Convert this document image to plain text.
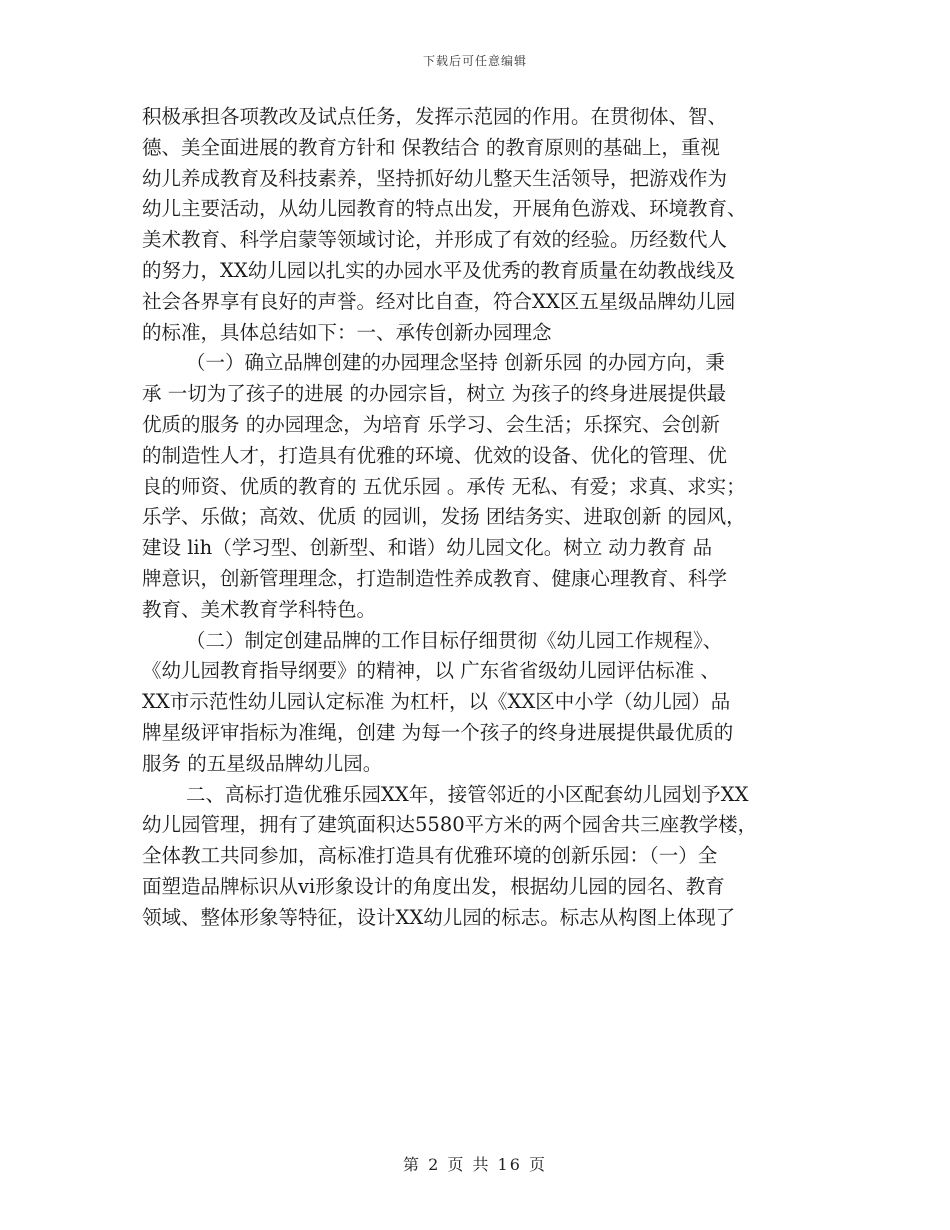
下载后可任意编辑
积极承担各项教改及试点任务，发挥示范园的作用。在贯彻体、智、
德、美全面进展的教育方针和 保教结合 的教育原则的基础上，重视
幼儿养成教育及科技素养，坚持抓好幼儿整天生活领导，把游戏作为
幼儿主要活动，从幼儿园教育的特点出发，开展角色游戏、环境教育、
美术教育、科学启蒙等领域讨论，并形成了有效的经验。历经数代人
的努力，XX幼儿园以扎实的办园水平及优秀的教育质量在幼教战线及
社会各界享有良好的声誉。经对比自查，符合XX区五星级品牌幼儿园
的标准，具体总结如下：一、承传创新办园理念
（一）确立品牌创建的办园理念坚持 创新乐园 的办园方向，秉
承 一切为了孩子的进展 的办园宗旨，树立 为孩子的终身进展提供最
优质的服务 的办园理念，为培育 乐学习、会生活；乐探究、会创新
的制造性人才，打造具有优雅的环境、优效的设备、优化的管理、优
良的师资、优质的教育的 五优乐园 。承传 无私、有爱；求真、求实；
乐学、乐做；高效、优质 的园训，发扬 团结务实、进取创新 的园风，
建设 lih（学习型、创新型、和谐）幼儿园文化。树立 动力教育 品
牌意识，创新管理理念，打造制造性养成教育、健康心理教育、科学
教育、美术教育学科特色。
（二）制定创建品牌的工作目标仔细贯彻《幼儿园工作规程》、
《幼儿园教育指导纲要》的精神，以 广东省省级幼儿园评估标准 、
XX市示范性幼儿园认定标准 为杠杆，以《XX区中小学（幼儿园）品
牌星级评审指标为准绳，创建 为每一个孩子的终身进展提供最优质的
服务 的五星级品牌幼儿园。
二、高标打造优雅乐园XX年，接管邻近的小区配套幼儿园划予XX
幼儿园管理，拥有了建筑面积达5580平方米的两个园舍共三座教学楼，
全体教工共同参加，高标准打造具有优雅环境的创新乐园：（一）全
面塑造品牌标识从vi形象设计的角度出发，根据幼儿园的园名、教育
领域、整体形象等特征，设计XX幼儿园的标志。标志从构图上体现了
第 2 页 共 16 页
